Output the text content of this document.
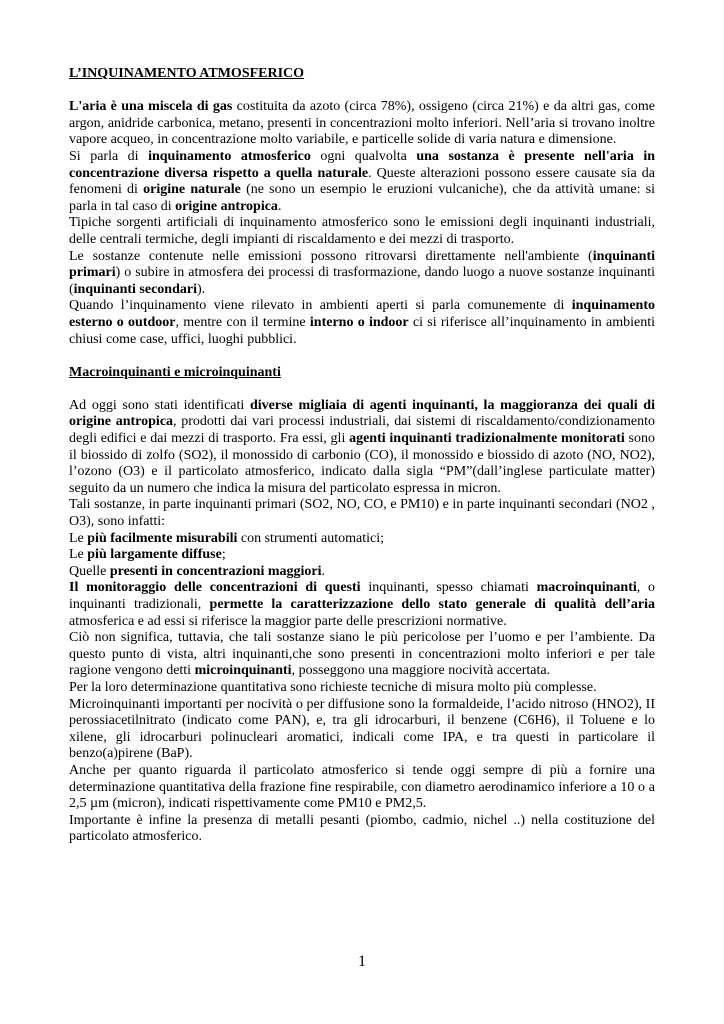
L’INQUINAMENTO ATMOSFERICO

L'aria è una miscela di gas costituita da azoto (circa 78%), ossigeno (circa 21%) e da altri gas, come argon, anidride carbonica, metano, presenti in concentrazioni molto inferiori. Nell’aria si trovano inoltre vapore acqueo, in concentrazione molto variabile, e particelle solide di varia natura e dimensione.

Si parla di inquinamento atmosferico ogni qualvolta una sostanza è presente nell'aria in concentrazione diversa rispetto a quella naturale. Queste alterazioni possono essere causate sia da fenomeni di origine naturale (ne sono un esempio le eruzioni vulcaniche), che da attività umane: si parla in tal caso di origine antropica.

Tipiche sorgenti artificiali di inquinamento atmosferico sono le emissioni degli inquinanti industriali, delle centrali termiche, degli impianti di riscaldamento e dei mezzi di trasporto.

Le sostanze contenute nelle emissioni possono ritrovarsi direttamente nell'ambiente (inquinanti primari) o subire in atmosfera dei processi di trasformazione, dando luogo a nuove sostanze inquinanti (inquinanti secondari).

Quando l’inquinamento viene rilevato in ambienti aperti si parla comunemente di inquinamento esterno o outdoor, mentre con il termine interno o indoor ci si riferisce all’inquinamento in ambienti chiusi come case, uffici, luoghi pubblici.

Macroinquinanti e microinquinanti

Ad oggi sono stati identificati diverse migliaia di agenti inquinanti, la maggioranza dei quali di origine antropica, prodotti dai vari processi industriali, dai sistemi di riscaldamento/condizionamento degli edifici e dai mezzi di trasporto. Fra essi, gli agenti inquinanti tradizionalmente monitorati sono il biossido di zolfo (SO2), il monossido di carbonio (CO), il monossido e biossido di azoto (NO, NO2), l’ozono (O3) e il particolato atmosferico, indicato dalla sigla “PM”(dall’inglese particulate matter) seguito da un numero che indica la misura del particolato espressa in micron.

Tali sostanze, in parte inquinanti primari (SO2, NO, CO, e PM10) e in parte inquinanti secondari (NO2 , O3), sono infatti:

Le più facilmente misurabili con strumenti automatici;

Le più largamente diffuse;

Quelle presenti in concentrazioni maggiori.

Il monitoraggio delle concentrazioni di questi inquinanti, spesso chiamati macroinquinanti, o inquinanti tradizionali, permette la caratterizzazione dello stato generale di qualità dell’aria atmosferica e ad essi si riferisce la maggior parte delle prescrizioni normative.

Ciò non significa, tuttavia, che tali sostanze siano le più pericolose per l’uomo e per l’ambiente. Da questo punto di vista, altri inquinanti,che sono presenti in concentrazioni molto inferiori e per tale ragione vengono detti microinquinanti, posseggono una maggiore nocività accertata.

Per la loro determinazione quantitativa sono richieste tecniche di misura molto più complesse.

Microinquinanti importanti per nocività o per diffusione sono la formaldeide, l’acido nitroso (HNO2), II perossiacetilnitrato (indicato come PAN), e, tra gli idrocarburi, il benzene (C6H6), il Toluene e lo xilene, gli idrocarburi polinucleari aromatici, indicali come IPA, e tra questi in particolare il benzo(a)pirene (BaP).

Anche per quanto riguarda il particolato atmosferico si tende oggi sempre di più a fornire una determinazione quantitativa della frazione fine respirabile, con diametro aerodinamico inferiore a 10 o a 2,5 µm (micron), indicati rispettivamente come PM10 e PM2,5.

Importante è infine la presenza di metalli pesanti (piombo, cadmio, nichel ..) nella costituzione del particolato atmosferico.

1
